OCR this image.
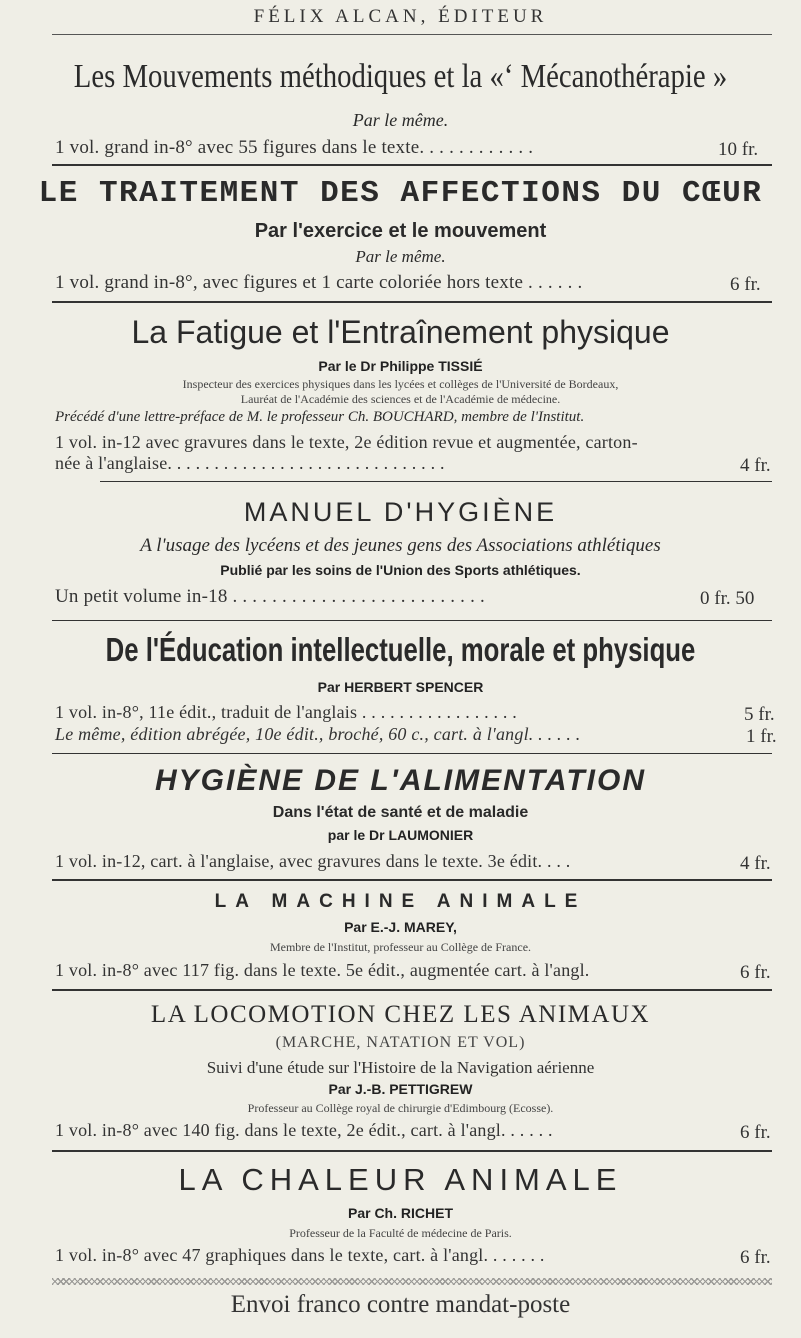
FÉLIX ALCAN, ÉDITEUR
Les Mouvements méthodiques et la «‘ Mécanothérapie »
Par le même.
1 vol. grand in-8° avec 55 figures dans le texte. . . . . . . . . . . .	10 fr.
LE TRAITEMENT DES AFFECTIONS DU CŒUR
Par l'exercice et le mouvement
Par le même.
1 vol. grand in-8°, avec figures et 1 carte coloriée hors texte . . . . . .	6 fr.
La Fatigue et l'Entraînement physique
Par le Dr Philippe TISSIÉ
Inspecteur des exercices physiques dans les lycées et collèges de l'Université de Bordeaux,
Lauréat de l'Académie des sciences et de l'Académie de médecine.
Précédé d'une lettre-préface de M. le professeur Ch. BOUCHARD, membre de l'Institut.
1 vol. in-12 avec gravures dans le texte, 2e édition revue et augmentée, carton-
née à l'anglaise. . . . . . . . . . . . . . . . . . . . . . . . . . . . . .	4 fr.
MANUEL D'HYGIÈNE
A l'usage des lycéens et des jeunes gens des Associations athlétiques
Publié par les soins de l'Union des Sports athlétiques.
Un petit volume in-18 . . . . . . . . . . . . . . . . . . . . . . . . . .	0 fr. 50
De l'Éducation intellectuelle, morale et physique
Par HERBERT SPENCER
1 vol. in-8°, 11e édit., traduit de l'anglais . . . . . . . . . . . . . . . . .	5 fr.
Le même, édition abrégée, 10e édit., broché, 60 c., cart. à l'angl. . . . . .	1 fr.
HYGIÈNE DE L'ALIMENTATION
Dans l'état de santé et de maladie
par le Dr LAUMONIER
1 vol. in-12, cart. à l'anglaise, avec gravures dans le texte. 3e édit. . . .	4 fr.
LA MACHINE ANIMALE
Par E.-J. MAREY,
Membre de l'Institut, professeur au Collège de France.
1 vol. in-8° avec 117 fig. dans le texte. 5e édit., augmentée cart. à l'angl.	6 fr.
LA LOCOMOTION CHEZ LES ANIMAUX
(MARCHE, NATATION ET VOL)
Suivi d'une étude sur l'Histoire de la Navigation aérienne
Par J.-B. PETTIGREW
Professeur au Collège royal de chirurgie d'Edimbourg (Ecosse).
1 vol. in-8° avec 140 fig. dans le texte, 2e édit., cart. à l'angl. . . . . .	6 fr.
LA CHALEUR ANIMALE
Par Ch. RICHET
Professeur de la Faculté de médecine de Paris.
1 vol. in-8° avec 47 graphiques dans le texte, cart. à l'angl. . . . . . .	6 fr.
Envoi franco contre mandat-poste
